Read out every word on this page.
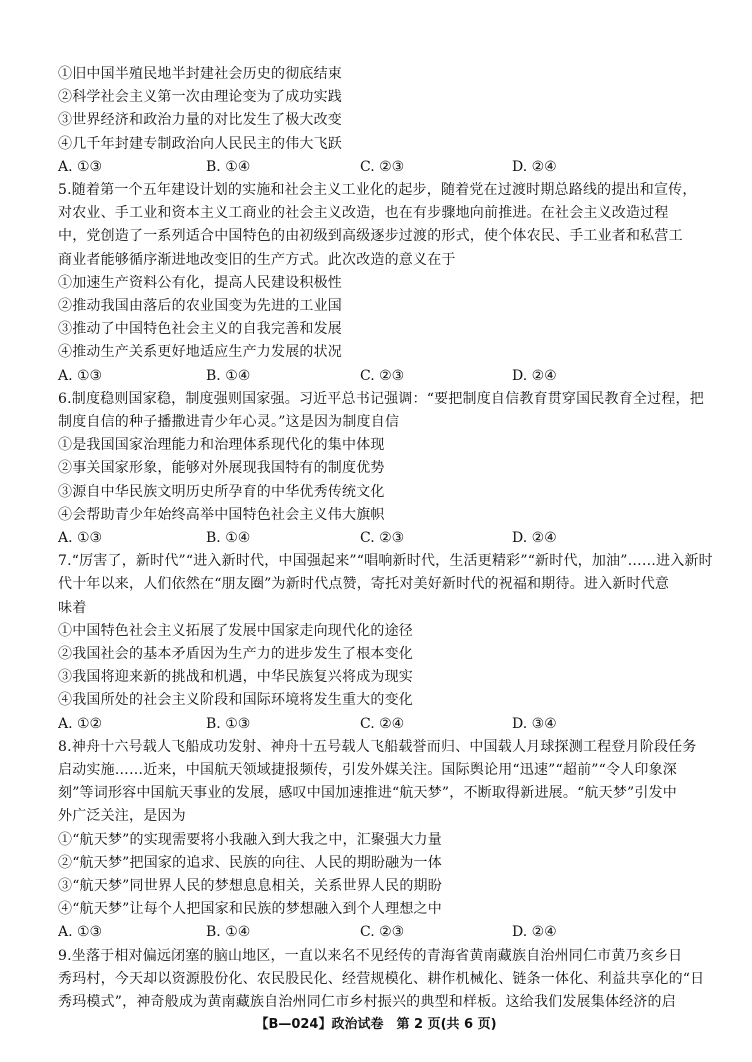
①旧中国半殖民地半封建社会历史的彻底结束
②科学社会主义第一次由理论变为了成功实践
③世界经济和政治力量的对比发生了极大改变
④几千年封建专制政治向人民民主的伟大飞跃
A. ①③	B. ①④	C. ②③	D. ②④
5.随着第一个五年建设计划的实施和社会主义工业化的起步，随着党在过渡时期总路线的提出和宣传，
对农业、手工业和资本主义工商业的社会主义改造，也在有步骤地向前推进。在社会主义改造过程
中，党创造了一系列适合中国特色的由初级到高级逐步过渡的形式，使个体农民、手工业者和私营工
商业者能够循序渐进地改变旧的生产方式。此次改造的意义在于
①加速生产资料公有化，提高人民建设积极性
②推动我国由落后的农业国变为先进的工业国
③推动了中国特色社会主义的自我完善和发展
④推动生产关系更好地适应生产力发展的状况
A. ①③	B. ①④	C. ②③	D. ②④
6.制度稳则国家稳，制度强则国家强。习近平总书记强调：“要把制度自信教育贯穿国民教育全过程，把
制度自信的种子播撒进青少年心灵。”这是因为制度自信
①是我国国家治理能力和治理体系现代化的集中体现
②事关国家形象，能够对外展现我国特有的制度优势
③源自中华民族文明历史所孕育的中华优秀传统文化
④会帮助青少年始终高举中国特色社会主义伟大旗帜
A. ①③	B. ①④	C. ②③	D. ②④
7.“厉害了，新时代”“进入新时代，中国强起来”“唱响新时代，生活更精彩”“新时代，加油”……进入新时
代十年以来，人们依然在“朋友圈”为新时代点赞，寄托对美好新时代的祝福和期待。进入新时代意
味着
①中国特色社会主义拓展了发展中国家走向现代化的途径
②我国社会的基本矛盾因为生产力的进步发生了根本变化
③我国将迎来新的挑战和机遇，中华民族复兴将成为现实
④我国所处的社会主义阶段和国际环境将发生重大的变化
A. ①②	B. ①③	C. ②④	D. ③④
8.神舟十六号载人飞船成功发射、神舟十五号载人飞船载誉而归、中国载人月球探测工程登月阶段任务
启动实施……近来，中国航天领域捷报频传，引发外媒关注。国际舆论用“迅速”“超前”“令人印象深
刻”等词形容中国航天事业的发展，感叹中国加速推进“航天梦”，不断取得新进展。“航天梦”引发中
外广泛关注，是因为
①“航天梦”的实现需要将小我融入到大我之中，汇聚强大力量
②“航天梦”把国家的追求、民族的向往、人民的期盼融为一体
③“航天梦”同世界人民的梦想息息相关，关系世界人民的期盼
④“航天梦”让每个人把国家和民族的梦想融入到个人理想之中
A. ①③	B. ①④	C. ②③	D. ②④
9.坐落于相对偏远闭塞的脑山地区，一直以来名不见经传的青海省黄南藏族自治州同仁市黄乃亥乡日
秀玛村，今天却以资源股份化、农民股民化、经营规模化、耕作机械化、链条一体化、利益共享化的“日
秀玛模式”，神奇般成为黄南藏族自治州同仁市乡村振兴的典型和样板。这给我们发展集体经济的启
【B—024】政治试卷　第 2 页(共 6 页)
